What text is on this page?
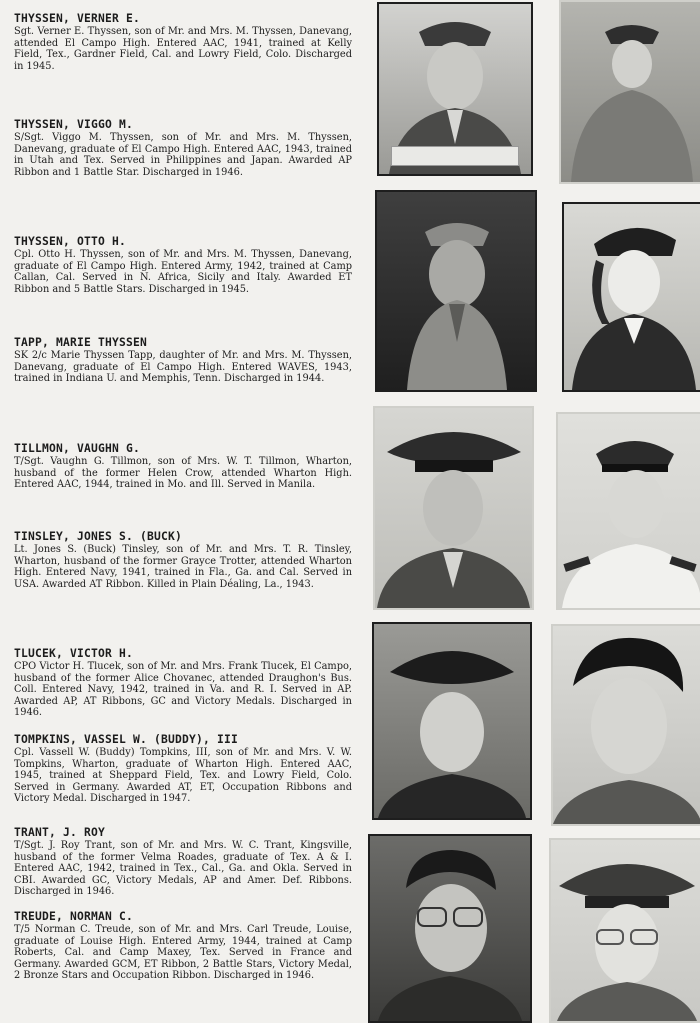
THYSSEN, VERNER E.

Sgt. Verner E. Thyssen, son of Mr. and Mrs. M. Thyssen, Danevang, attended El Campo High. Entered AAC, 1941, trained at Kelly Field, Tex., Gardner Field, Cal. and Lowry Field, Colo. Discharged in 1945.

THYSSEN, VIGGO M.

S/Sgt. Viggo M. Thyssen, son of Mr. and Mrs. M. Thyssen, Danevang, graduate of El Campo High. Entered AAC, 1943, trained in Utah and Tex. Served in Philippines and Japan. Awarded AP Ribbon and 1 Battle Star. Discharged in 1946.

THYSSEN, OTTO H.

Cpl. Otto H. Thyssen, son of Mr. and Mrs. M. Thyssen, Danevang, graduate of El Campo High. Entered Army, 1942, trained at Camp Callan, Cal. Served in N. Africa, Sicily and Italy. Awarded ET Ribbon and 5 Battle Stars. Discharged in 1945.

TAPP, MARIE THYSSEN

SK 2/c Marie Thyssen Tapp, daughter of Mr. and Mrs. M. Thyssen, Danevang, graduate of El Campo High. Entered WAVES, 1943, trained in Indiana U. and Memphis, Tenn. Discharged in 1944.

TILLMON, VAUGHN G.

T/Sgt. Vaughn G. Tillmon, son of Mrs. W. T. Tillmon, Wharton, husband of the former Helen Crow, attended Wharton High. Entered AAC, 1944, trained in Mo. and Ill. Served in Manila.

TINSLEY, JONES S. (BUCK)

Lt. Jones S. (Buck) Tinsley, son of Mr. and Mrs. T. R. Tinsley, Wharton, husband of the former Grayce Trotter, attended Wharton High. Entered Navy, 1941, trained in Fla., Ga. and Cal. Served in USA. Awarded AT Ribbon. Killed in Plain Déaling, La., 1943.

TLUCEK, VICTOR H.

CPO Victor H. Tlucek, son of Mr. and Mrs. Frank Tlucek, El Campo, husband of the former Alice Chovanec, attended Draughon's Bus. Coll. Entered Navy, 1942, trained in Va. and R. I. Served in AP. Awarded AP, AT Ribbons, GC and Victory Medals. Discharged in 1946.

TOMPKINS, VASSEL W. (BUDDY), III

Cpl. Vassell W. (Buddy) Tompkins, III, son of Mr. and Mrs. V. W. Tompkins, Wharton, graduate of Wharton High. Entered AAC, 1945, trained at Sheppard Field, Tex. and Lowry Field, Colo. Served in Germany. Awarded AT, ET, Occupation Ribbons and Victory Medal. Discharged in 1947.

TRANT, J. ROY

T/Sgt. J. Roy Trant, son of Mr. and Mrs. W. C. Trant, Kingsville, husband of the former Velma Roades, graduate of Tex. A & I. Entered AAC, 1942, trained in Tex., Cal., Ga. and Okla. Served in CBI. Awarded GC, Victory Medals, AP and Amer. Def. Ribbons. Discharged in 1946.

TREUDE, NORMAN C.

T/5 Norman C. Treude, son of Mr. and Mrs. Carl Treude, Louise, graduate of Louise High. Entered Army, 1944, trained at Camp Roberts, Cal. and Camp Maxey, Tex. Served in France and Germany. Awarded GCM, ET Ribbon, 2 Battle Stars, Victory Medal, 2 Bronze Stars and Occupation Ribbon. Discharged in 1946.
